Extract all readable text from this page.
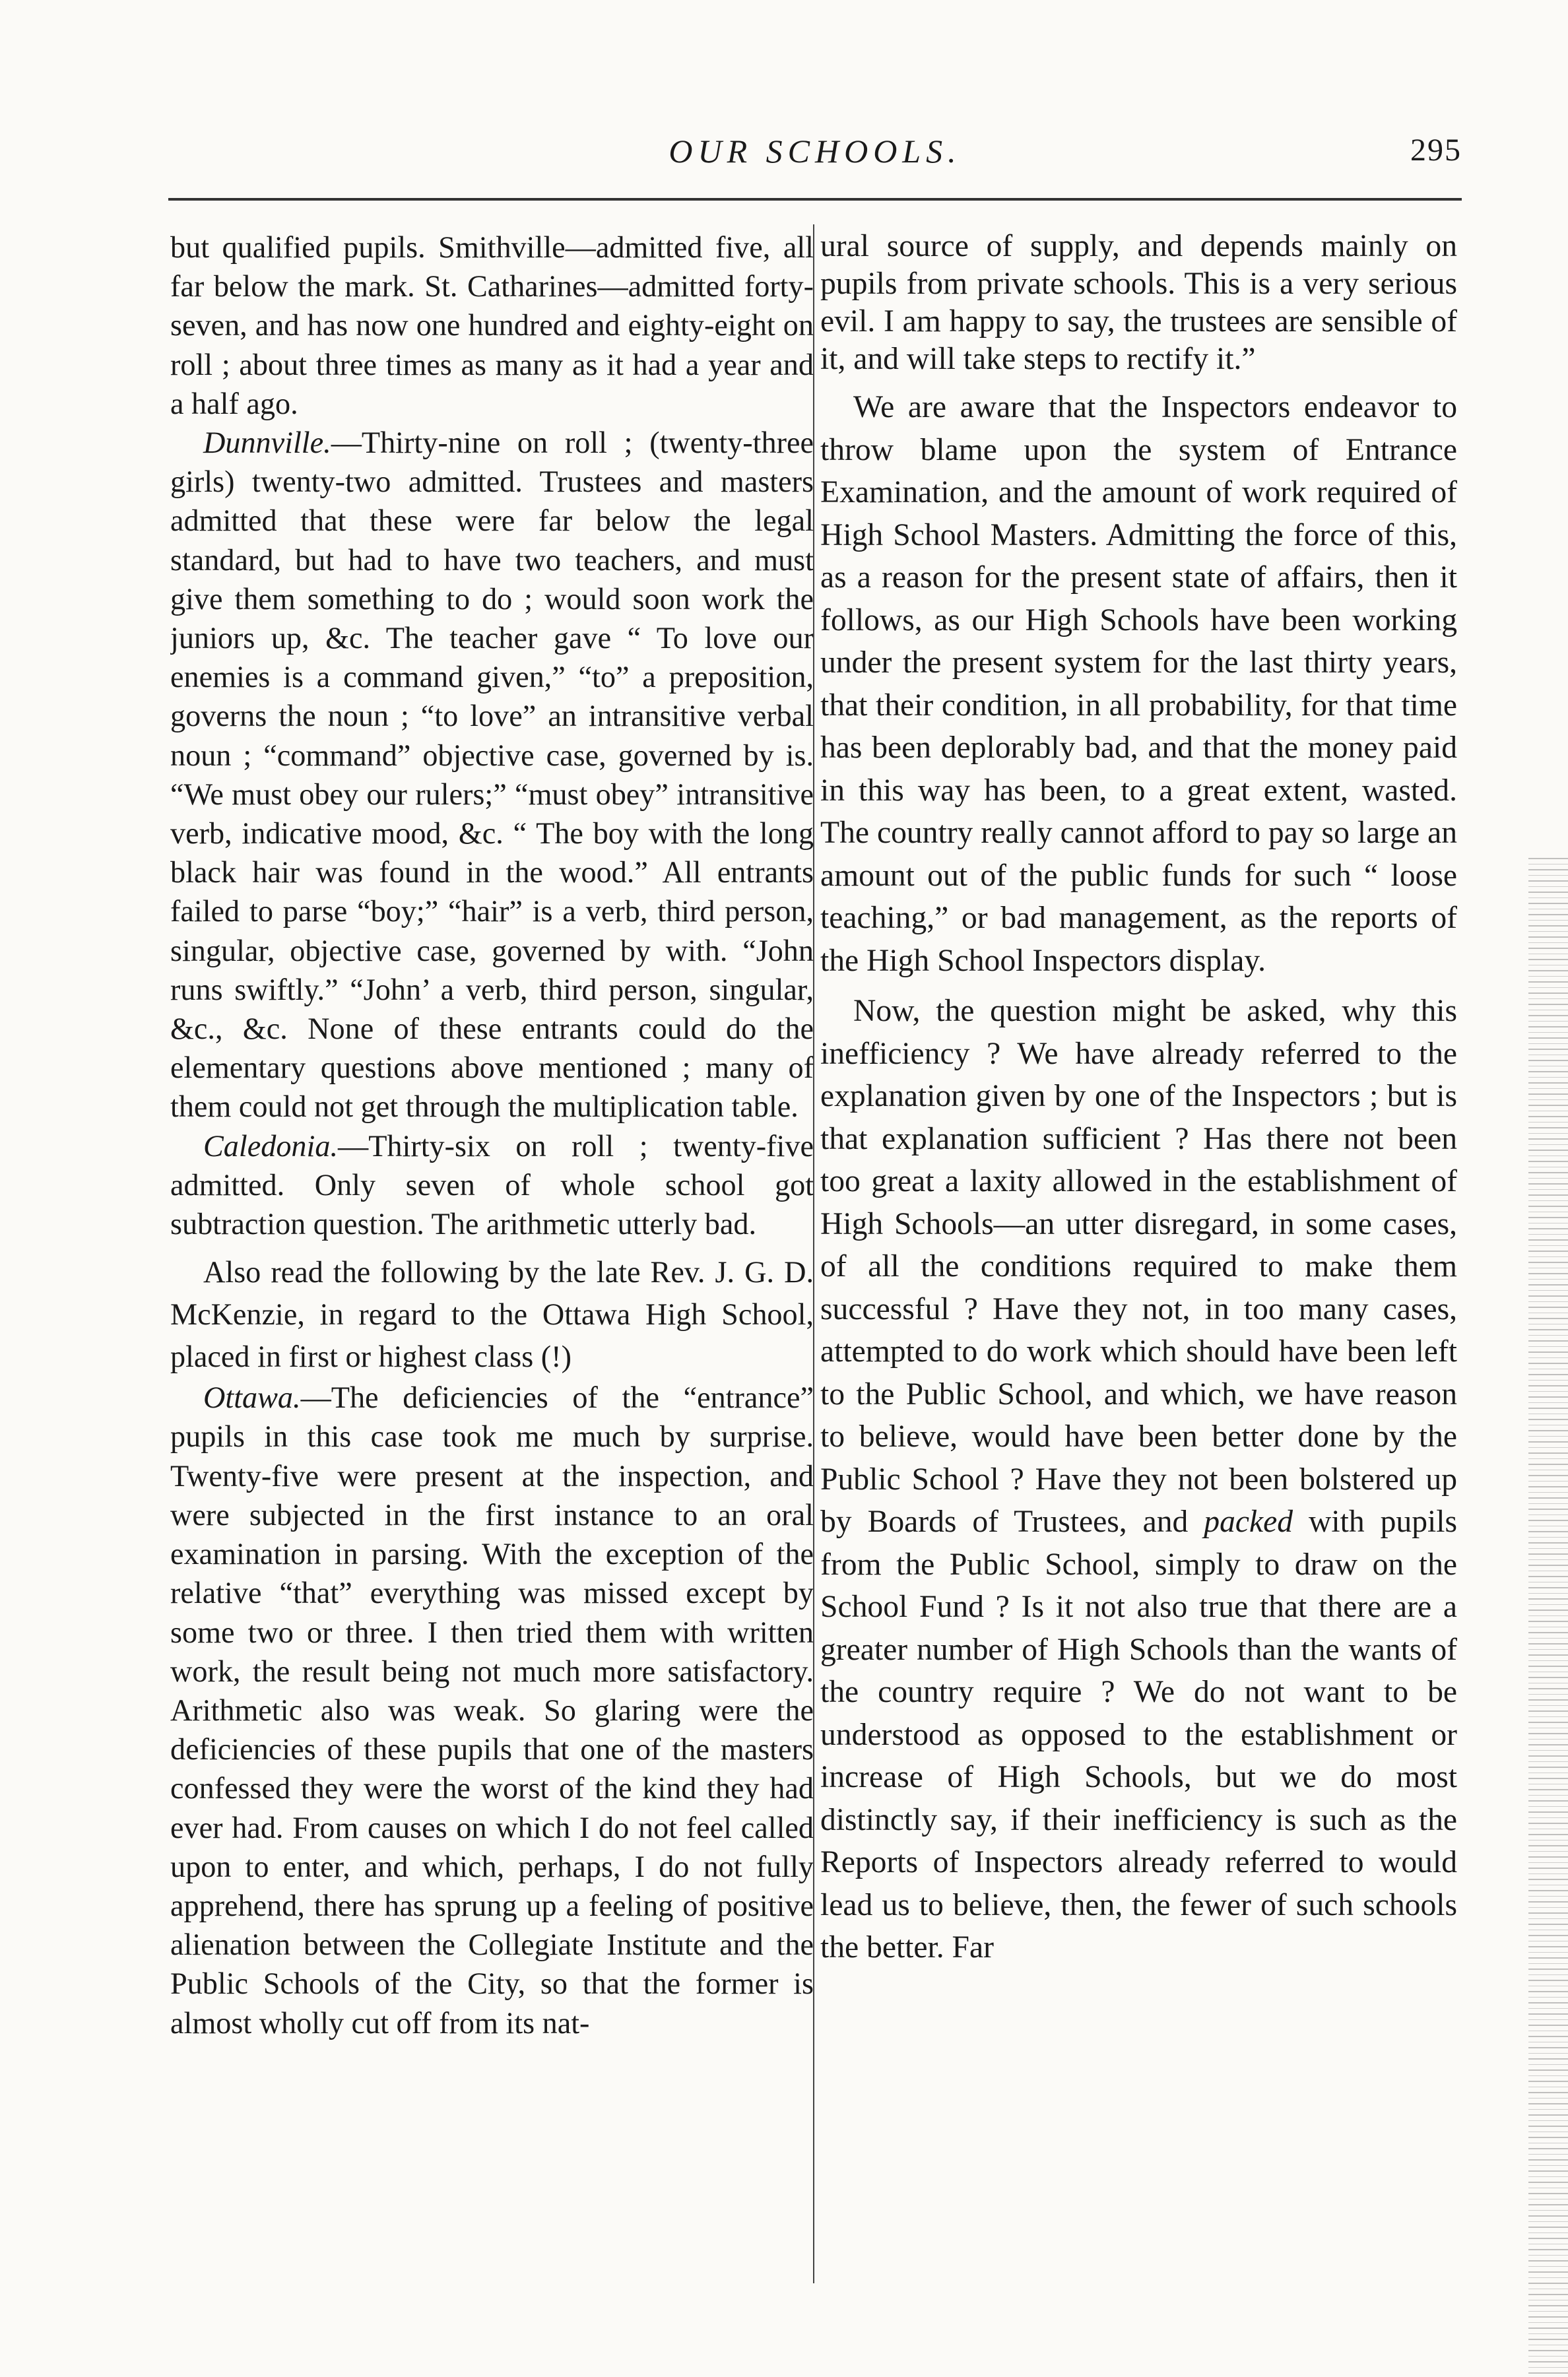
OUR SCHOOLS.	295

but qualified pupils. Smithville—admitted five, all far below the mark. St. Catharines—admitted forty-seven, and has now one hundred and eighty-eight on roll ; about three times as many as it had a year and a half ago.

Dunnville.—Thirty-nine on roll ; (twenty-three girls) twenty-two admitted. Trustees and masters admitted that these were far below the legal standard, but had to have two teachers, and must give them something to do ; would soon work the juniors up, &c. The teacher gave “ To love our enemies is a command given,” “to” a preposition, governs the noun ; “to love” an intransitive verbal noun ; “command” objective case, governed by is. “We must obey our rulers;” “must obey” intransitive verb, indicative mood, &c. “ The boy with the long black hair was found in the wood.” All entrants failed to parse “boy;” “hair” is a verb, third person, singular, objective case, governed by with. “John runs swiftly.” “John’ a verb, third person, singular, &c., &c. None of these entrants could do the elementary questions above mentioned ; many of them could not get through the multiplication table.

Caledonia.—Thirty-six on roll ; twenty-five admitted. Only seven of whole school got subtraction question. The arithmetic utterly bad.

Also read the following by the late Rev. J. G. D. McKenzie, in regard to the Ottawa High School, placed in first or highest class (!)

Ottawa.—The deficiencies of the “entrance” pupils in this case took me much by surprise. Twenty-five were present at the inspection, and were subjected in the first instance to an oral examination in parsing. With the exception of the relative “that” everything was missed except by some two or three. I then tried them with written work, the result being not much more satisfactory. Arithmetic also was weak. So glaring were the deficiencies of these pupils that one of the masters confessed they were the worst of the kind they had ever had. From causes on which I do not feel called upon to enter, and which, perhaps, I do not fully apprehend, there has sprung up a feeling of positive alienation between the Collegiate Institute and the Public Schools of the City, so that the former is almost wholly cut off from its nat-

ural source of supply, and depends mainly on pupils from private schools. This is a very serious evil. I am happy to say, the trustees are sensible of it, and will take steps to rectify it.”

We are aware that the Inspectors endeavor to throw blame upon the system of Entrance Examination, and the amount of work required of High School Masters. Admitting the force of this, as a reason for the present state of affairs, then it follows, as our High Schools have been working under the present system for the last thirty years, that their condition, in all probability, for that time has been deplorably bad, and that the money paid in this way has been, to a great extent, wasted. The country really cannot afford to pay so large an amount out of the public funds for such “ loose teaching,” or bad management, as the reports of the High School Inspectors display.

Now, the question might be asked, why this inefficiency ? We have already referred to the explanation given by one of the Inspectors ; but is that explanation sufficient ? Has there not been too great a laxity allowed in the establishment of High Schools—an utter disregard, in some cases, of all the conditions required to make them successful ? Have they not, in too many cases, attempted to do work which should have been left to the Public School, and which, we have reason to believe, would have been better done by the Public School ? Have they not been bolstered up by Boards of Trustees, and packed with pupils from the Public School, simply to draw on the School Fund ? Is it not also true that there are a greater number of High Schools than the wants of the country require ? We do not want to be understood as opposed to the establishment or increase of High Schools, but we do most distinctly say, if their inefficiency is such as the Reports of Inspectors already referred to would lead us to believe, then, the fewer of such schools the better. Far
